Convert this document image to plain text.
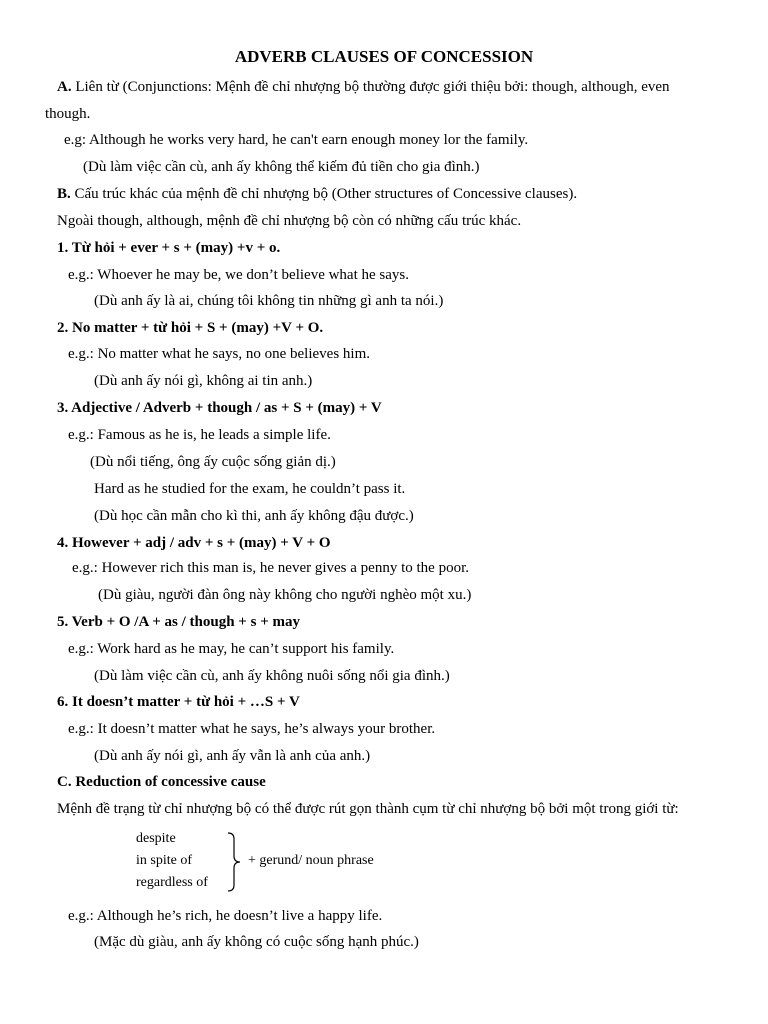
ADVERB CLAUSES OF CONCESSION
A. Liên từ (Conjunctions: Mệnh đề chỉ nhượng bộ thường được giới thiệu bởi: though, although, even
though.
e.g: Although he works very hard, he can't earn enough money lor the family.
(Dù làm việc cần cù, anh ấy không thể kiếm đủ tiền cho gia đình.)
B. Cấu trúc khác của mệnh đề chỉ nhượng bộ (Other structures of Concessive clauses).
Ngoài though, although, mệnh đề chỉ nhượng bộ còn có những cấu trúc khác.
1. Từ hỏi + ever + s + (may) +v + o.
e.g.: Whoever he may be, we don’t believe what he says.
(Dù anh ấy là ai, chúng tôi không tin những gì anh ta nói.)
2. No matter + từ hỏi + S + (may) +V + O.
e.g.: No matter what he says, no one believes him.
(Dù anh ấy nói gì, không ai tin anh.)
3. Adjective / Adverb + though / as + S + (may) + V
e.g.: Famous as he is, he leads a simple life.
(Dù nổi tiếng, ông ấy cuộc sống giản dị.)
Hard as he studied for the exam, he couldn’t pass it.
(Dù học cần mẫn cho kì thi, anh ấy không đậu được.)
4. However + adj / adv + s + (may) + V + O
e.g.: However rich this man is, he never gives a penny to the poor.
(Dù giàu, người đàn ông này không cho người nghèo một xu.)
5. Verb + O /A + as / though + s + may
e.g.: Work hard as he may, he can’t support his family.
(Dù làm việc cần cù, anh ấy không nuôi sống nổi gia đình.)
6. It doesn’t matter + từ hỏi + …S + V
e.g.: It doesn’t matter what he says, he’s always your brother.
(Dù anh ấy nói gì, anh ấy vẫn là anh của anh.)
C. Reduction of concessive cause
Mệnh đề trạng từ chỉ nhượng bộ có thể được rút gọn thành cụm từ chỉ nhượng bộ bởi một trong giới từ:
despite
in spite of
regardless of
+ gerund/ noun phrase
e.g.: Although he’s rich, he doesn’t live a happy life.
(Mặc dù giàu, anh ấy không có cuộc sống hạnh phúc.)
